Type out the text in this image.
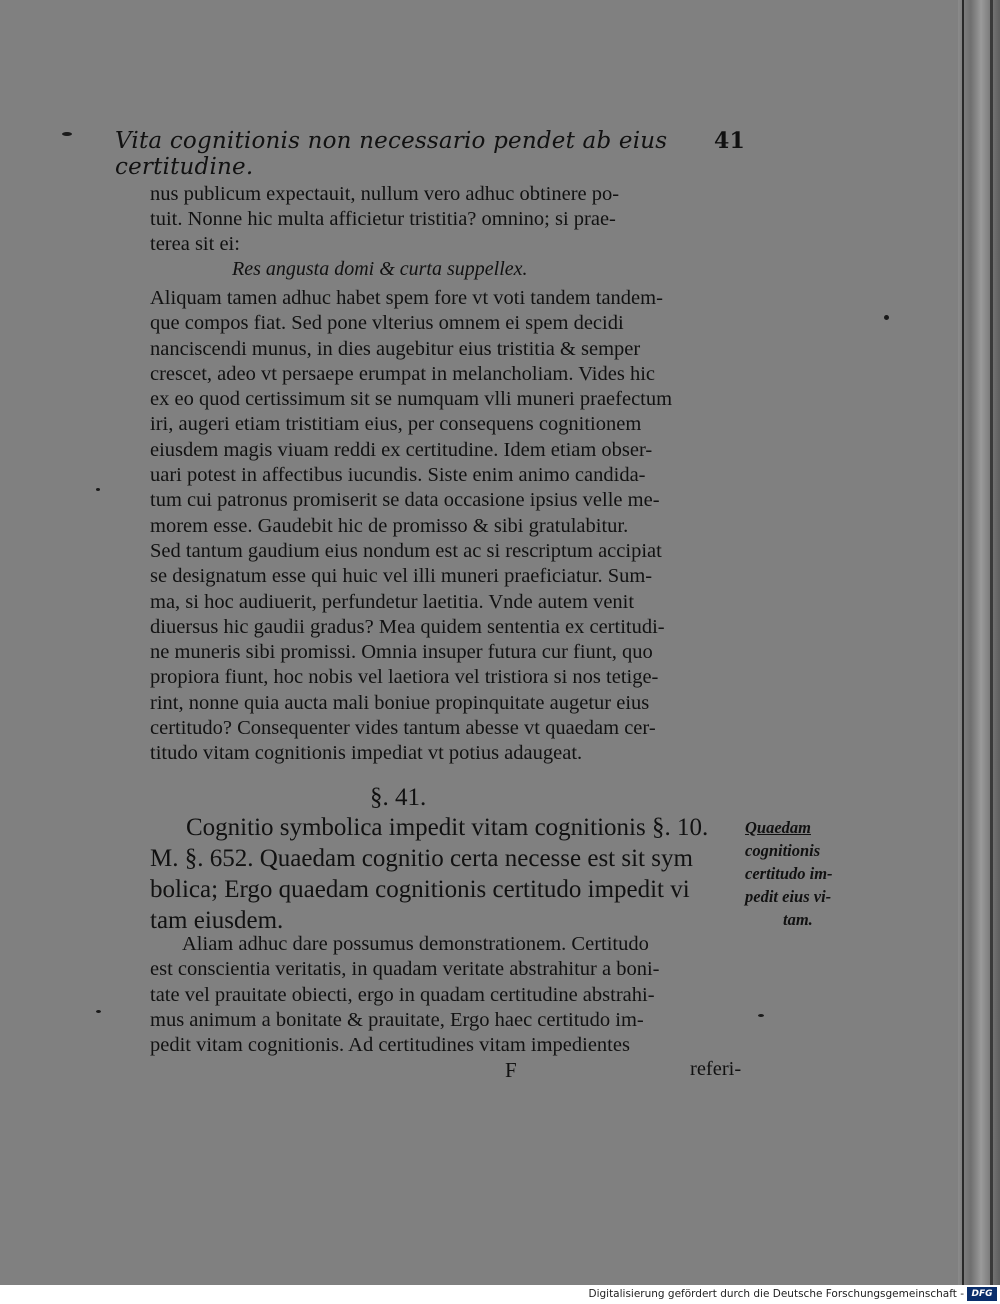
Vita cognitionis non necessario pendet ab eius certitudine.
41
nus publicum expectauit, nullum vero adhuc obtinere po-
tuit. Nonne hic multa afficietur tristitia? omnino; si prae-
terea sit ei:
Res angusta domi & curta suppellex.
Aliquam tamen adhuc habet spem fore vt voti tandem tandem-
que compos fiat. Sed pone vlterius omnem ei spem decidi
nanciscendi munus, in dies augebitur eius tristitia & semper
crescet, adeo vt persaepe erumpat in melancholiam. Vides hic
ex eo quod certissimum sit se numquam vlli muneri praefectum
iri, augeri etiam tristitiam eius, per consequens cognitionem
eiusdem magis viuam reddi ex certitudine. Idem etiam obser-
uari potest in affectibus iucundis. Siste enim animo candida-
tum cui patronus promiserit se data occasione ipsius velle me-
morem esse. Gaudebit hic de promisso & sibi gratulabitur.
Sed tantum gaudium eius nondum est ac si rescriptum accipiat
se designatum esse qui huic vel illi muneri praeficiatur. Sum-
ma, si hoc audiuerit, perfundetur laetitia. Vnde autem venit
diuersus hic gaudii gradus? Mea quidem sententia ex certitudi-
ne muneris sibi promissi. Omnia insuper futura cur fiunt, quo
propiora fiunt, hoc nobis vel laetiora vel tristiora si nos tetige-
rint, nonne quia aucta mali boniue propinquitate augetur eius
certitudo? Consequenter vides tantum abesse vt quaedam cer-
titudo vitam cognitionis impediat vt potius adaugeat.
§. 41.
Cognitio symbolica impedit vitam cognitionis §. 10.
M. §. 652. Quaedam cognitio certa necesse est sit sym
bolica; Ergo quaedam cognitionis certitudo impedit vi
tam eiusdem.
Quaedam
cognitionis
certitudo im-
pedit eius vi-
tam.
Aliam adhuc dare possumus demonstrationem. Certitudo
est conscientia veritatis, in quadam veritate abstrahitur a boni-
tate vel prauitate obiecti, ergo in quadam certitudine abstrahi-
mus animum a bonitate & prauitate, Ergo haec certitudo im-
pedit vitam cognitionis. Ad certitudines vitam impedientes
F	referi-
Digitalisierung gefördert durch die Deutsche Forschungsgemeinschaft - DFG
